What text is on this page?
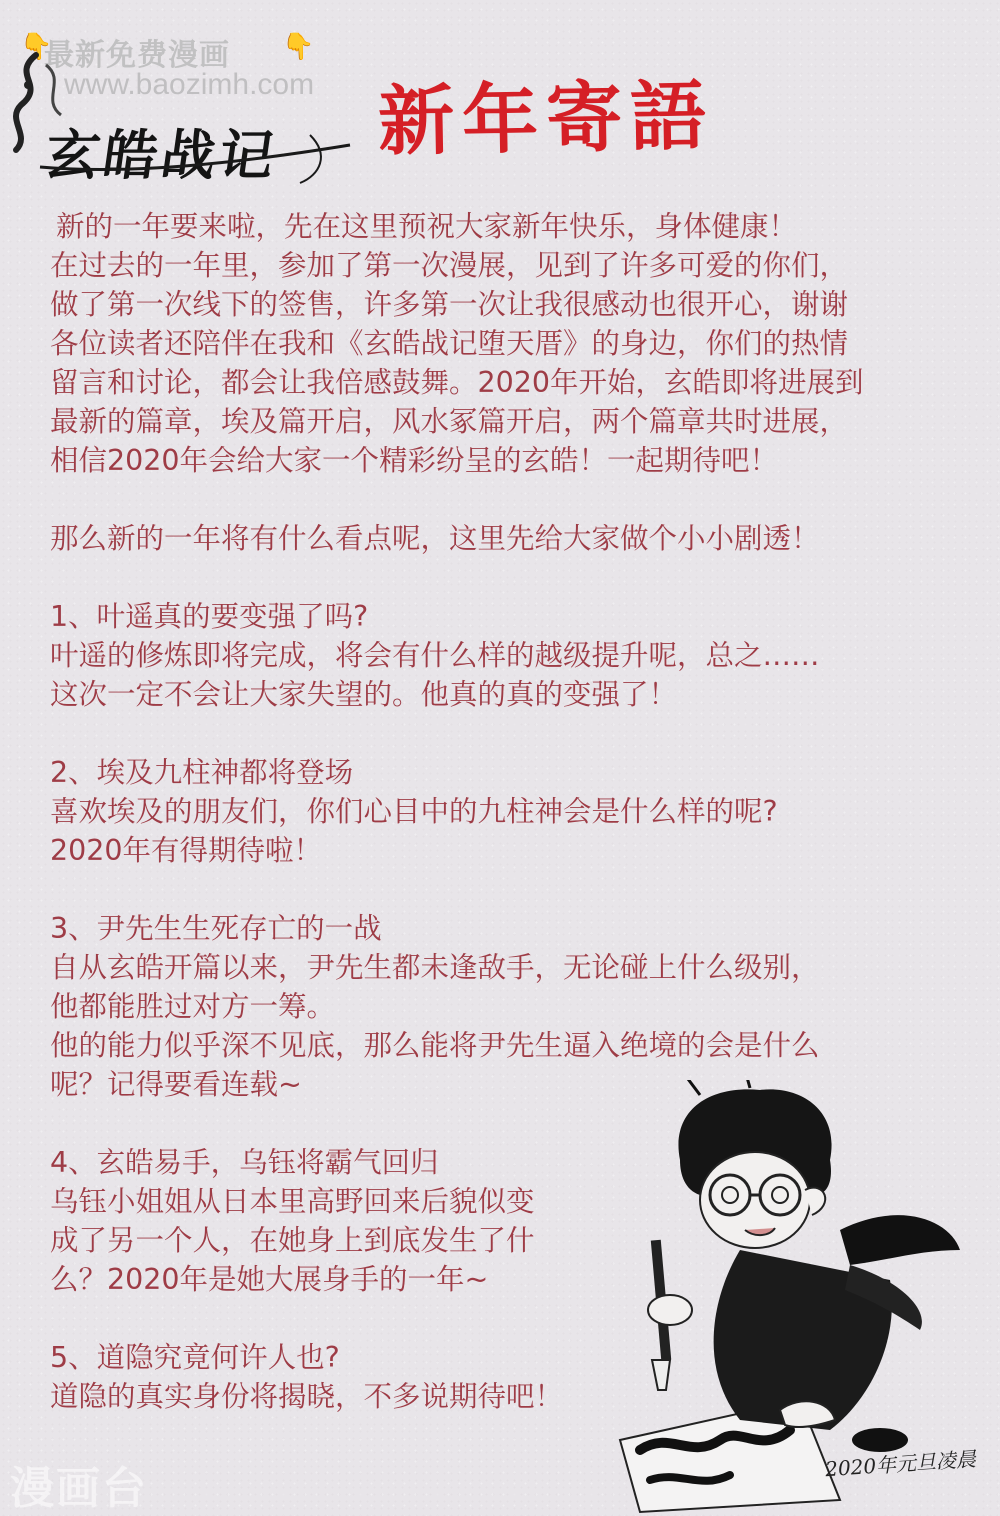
👇
最新免费漫画 👇
www.baozimh.com
玄皓战记 新年寄語

新的一年要来啦，先在这里预祝大家新年快乐，身体健康！

在过去的一年里，参加了第一次漫展，见到了许多可爱的你们，

做了第一次线下的签售，许多第一次让我很感动也很开心，谢谢

各位读者还陪伴在我和《玄皓战记堕天厝》的身边，你们的热情

留言和讨论，都会让我倍感鼓舞。2020年开始，玄皓即将进展到

最新的篇章，埃及篇开启，风水冢篇开启，两个篇章共时进展，

相信2020年会给大家一个精彩纷呈的玄皓！一起期待吧！

那么新的一年将有什么看点呢，这里先给大家做个小小剧透！

1、叶遥真的要变强了吗?

叶遥的修炼即将完成，将会有什么样的越级提升呢，总之……

这次一定不会让大家失望的。他真的真的变强了！

2、埃及九柱神都将登场

喜欢埃及的朋友们，你们心目中的九柱神会是什么样的呢?

2020年有得期待啦！

3、尹先生生死存亡的一战

自从玄皓开篇以来，尹先生都未逢敌手，无论碰上什么级别，

他都能胜过对方一筹。

他的能力似乎深不见底，那么能将尹先生逼入绝境的会是什么

呢？记得要看连载~

4、玄皓易手，乌钰将霸气回归

乌钰小姐姐从日本里高野回来后貌似变

成了另一个人，在她身上到底发生了什

么？2020年是她大展身手的一年~

5、道隐究竟何许人也?

道隐的真实身份将揭晓，不多说期待吧！

2020年元旦凌晨
漫画台
